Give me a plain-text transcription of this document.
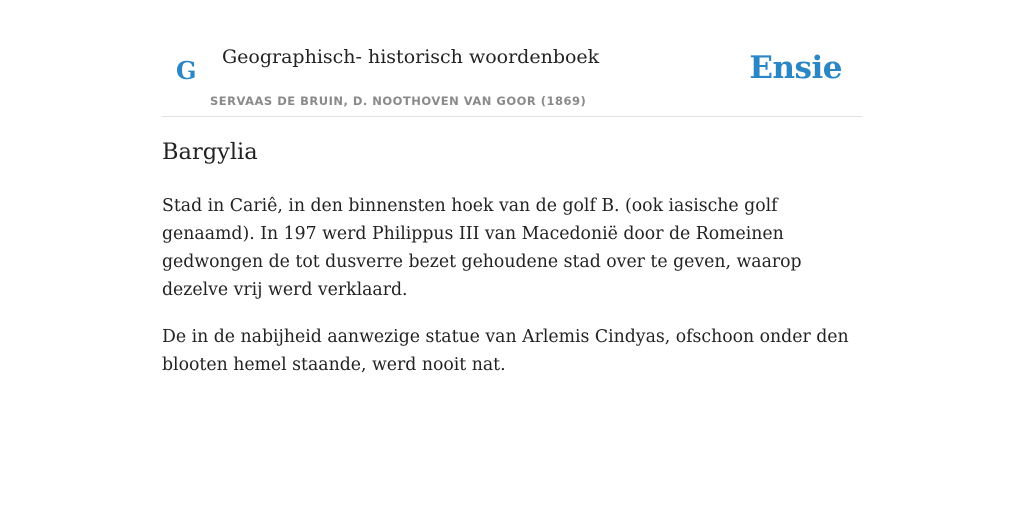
G Geographisch- historisch woordenboek
SERVAAS DE BRUIN, D. NOOTHOVEN VAN GOOR (1869)
Ensie
Bargylia

Stad in Cariê, in den binnensten hoek van de golf B. (ook iasische golf genaamd). In 197 werd Philippus III van Macedonië door de Romeinen gedwongen de tot dusverre bezet gehoudene stad over te geven, waarop dezelve vrij werd verklaard.

De in de nabijheid aanwezige statue van Arlemis Cindyas, ofschoon onder den blooten hemel staande, werd nooit nat.
